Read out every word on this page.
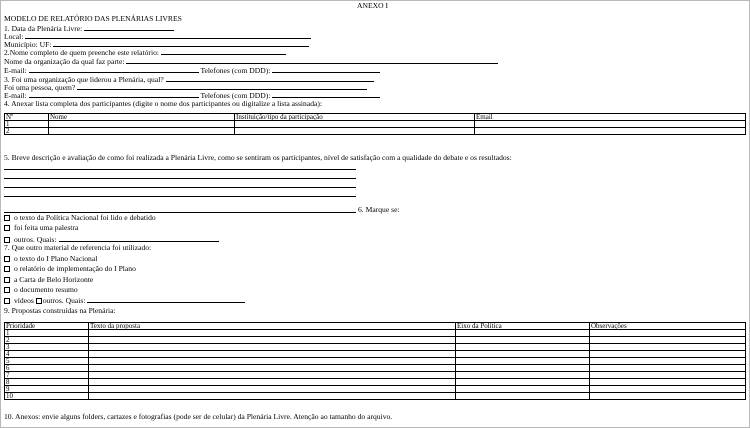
ANEXO I
MODELO DE RELATÓRIO DAS PLENÁRIAS LIVRES
1. Data da Plenária Livre:
Local:
Município: UF:
2.Nome completo de quem preenche este relatório:
Nome da organização da qual faz parte:
E-mail:	Telefones (com DDD):
3. Foi uma organização que liderou a Plenária, qual?
Foi uma pessoa, quem?
E-mail:	Telefones (com DDD):
4. Anexar lista completa dos participantes (digite o nome dos participantes ou digitalize a lista assinada):
Nº	Nome	Instituição/tipo da participação	Email
1			
2			
5. Breve descrição e avaliação de como foi realizada a Plenária Livre, como se sentiram os participantes, nível de satisfação com a qualidade do debate e os resultados:
6. Marque se:
o texto da Política Nacional foi lido e debatido
foi feita uma palestra
outros. Quais:
7. Que outro material de referencia foi utilizado:
o texto do I Plano Nacional
o relatório de implementação do I Plano
a Carta de Belo Horizonte
o documento resumo
vídeos outros. Quais:
9. Propostas construídas na Plenária:
Prioridade	Texto da proposta	Eixo da Política	Observações
1			
2			
3			
4			
5			
6			
7			
8			
9			
10			
10. Anexos: envie alguns folders, cartazes e fotografias (pode ser de celular) da Plenária Livre. Atenção ao tamanho do arquivo.
